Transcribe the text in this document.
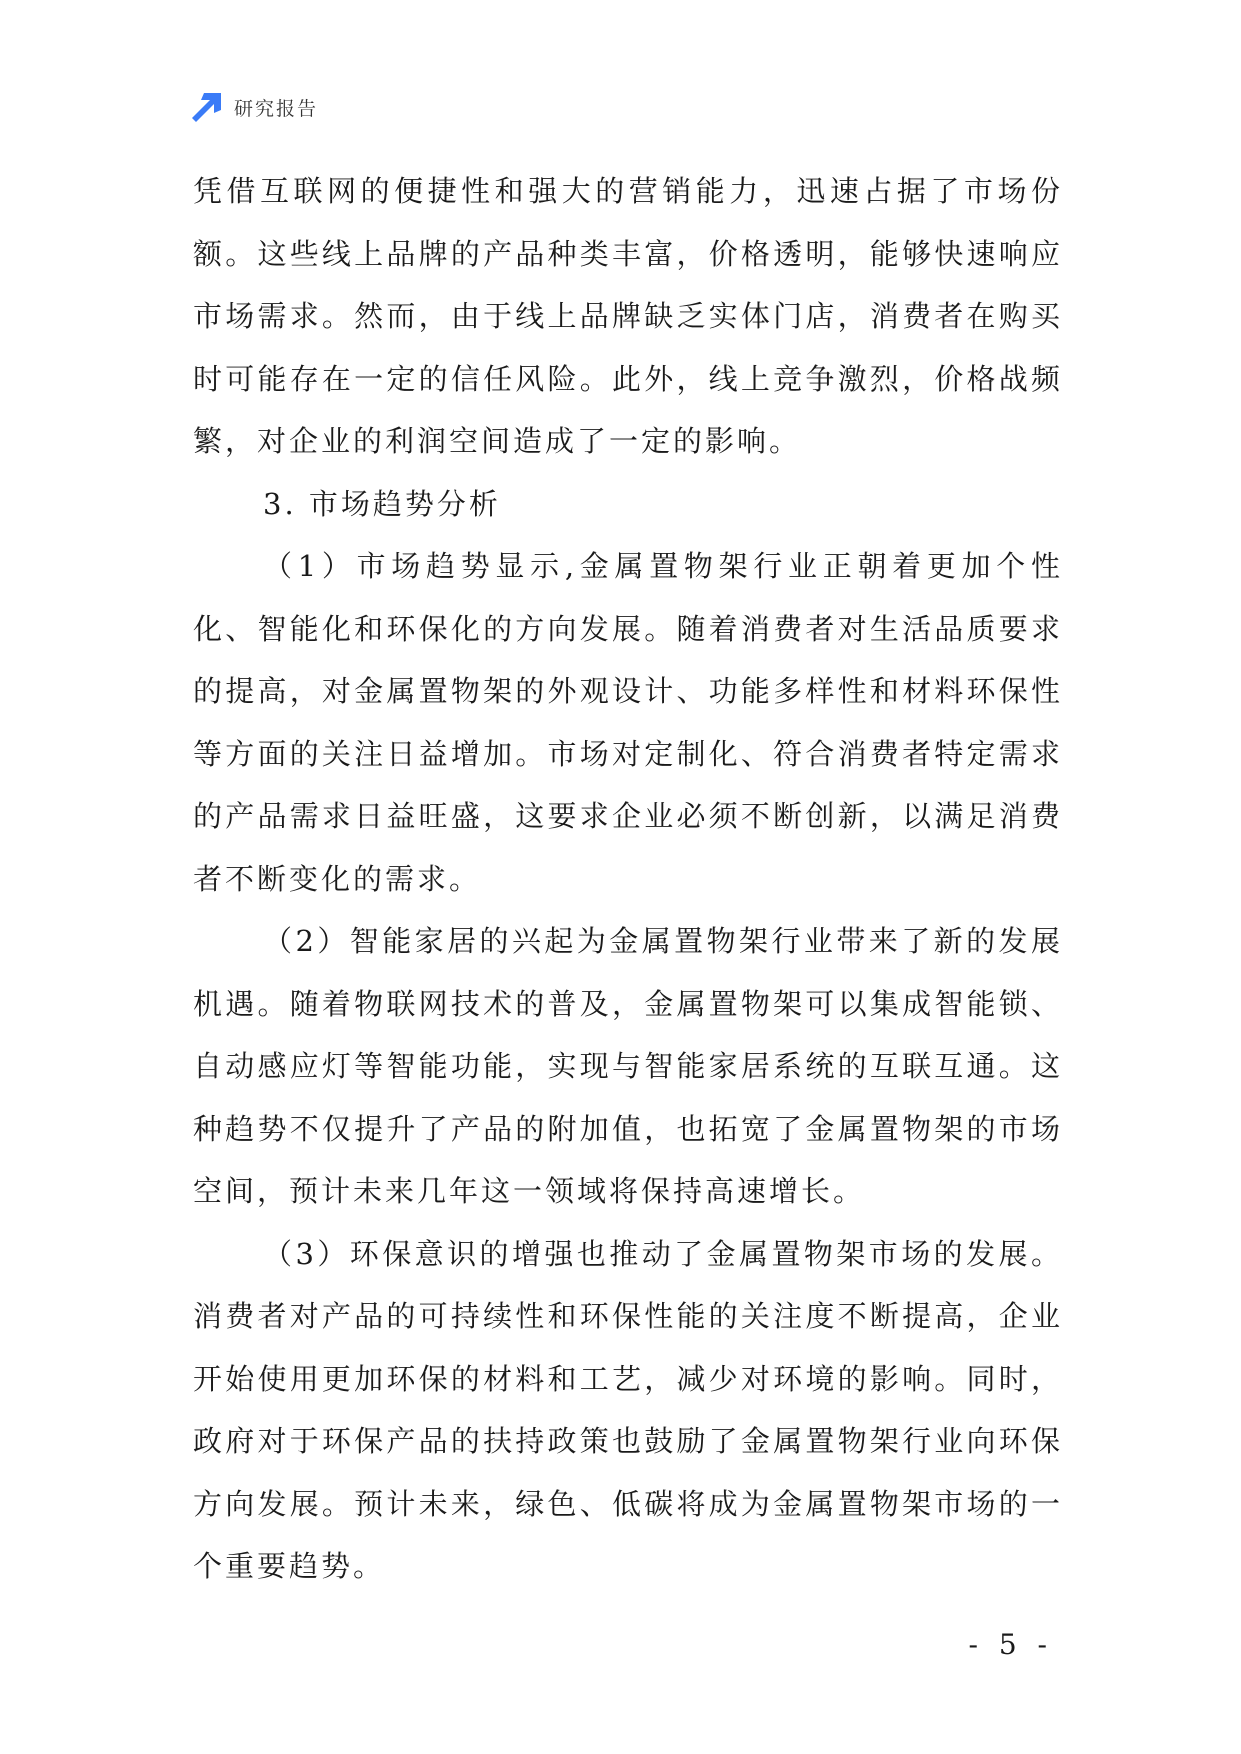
研究报告

凭借互联网的便捷性和强大的营销能力，迅速占据了市场份额。这些线上品牌的产品种类丰富，价格透明，能够快速响应市场需求。然而，由于线上品牌缺乏实体门店，消费者在购买时可能存在一定的信任风险。此外，线上竞争激烈，价格战频繁，对企业的利润空间造成了一定的影响。

3. 市场趋势分析

（1）市场趋势显示,金属置物架行业正朝着更加个性化、智能化和环保化的方向发展。随着消费者对生活品质要求的提高，对金属置物架的外观设计、功能多样性和材料环保性等方面的关注日益增加。市场对定制化、符合消费者特定需求的产品需求日益旺盛，这要求企业必须不断创新，以满足消费者不断变化的需求。

（2）智能家居的兴起为金属置物架行业带来了新的发展机遇。随着物联网技术的普及，金属置物架可以集成智能锁、自动感应灯等智能功能，实现与智能家居系统的互联互通。这种趋势不仅提升了产品的附加值，也拓宽了金属置物架的市场空间，预计未来几年这一领域将保持高速增长。

（3）环保意识的增强也推动了金属置物架市场的发展。消费者对产品的可持续性和环保性能的关注度不断提高，企业开始使用更加环保的材料和工艺，减少对环境的影响。同时，政府对于环保产品的扶持政策也鼓励了金属置物架行业向环保方向发展。预计未来，绿色、低碳将成为金属置物架市场的一个重要趋势。

- 5 -
